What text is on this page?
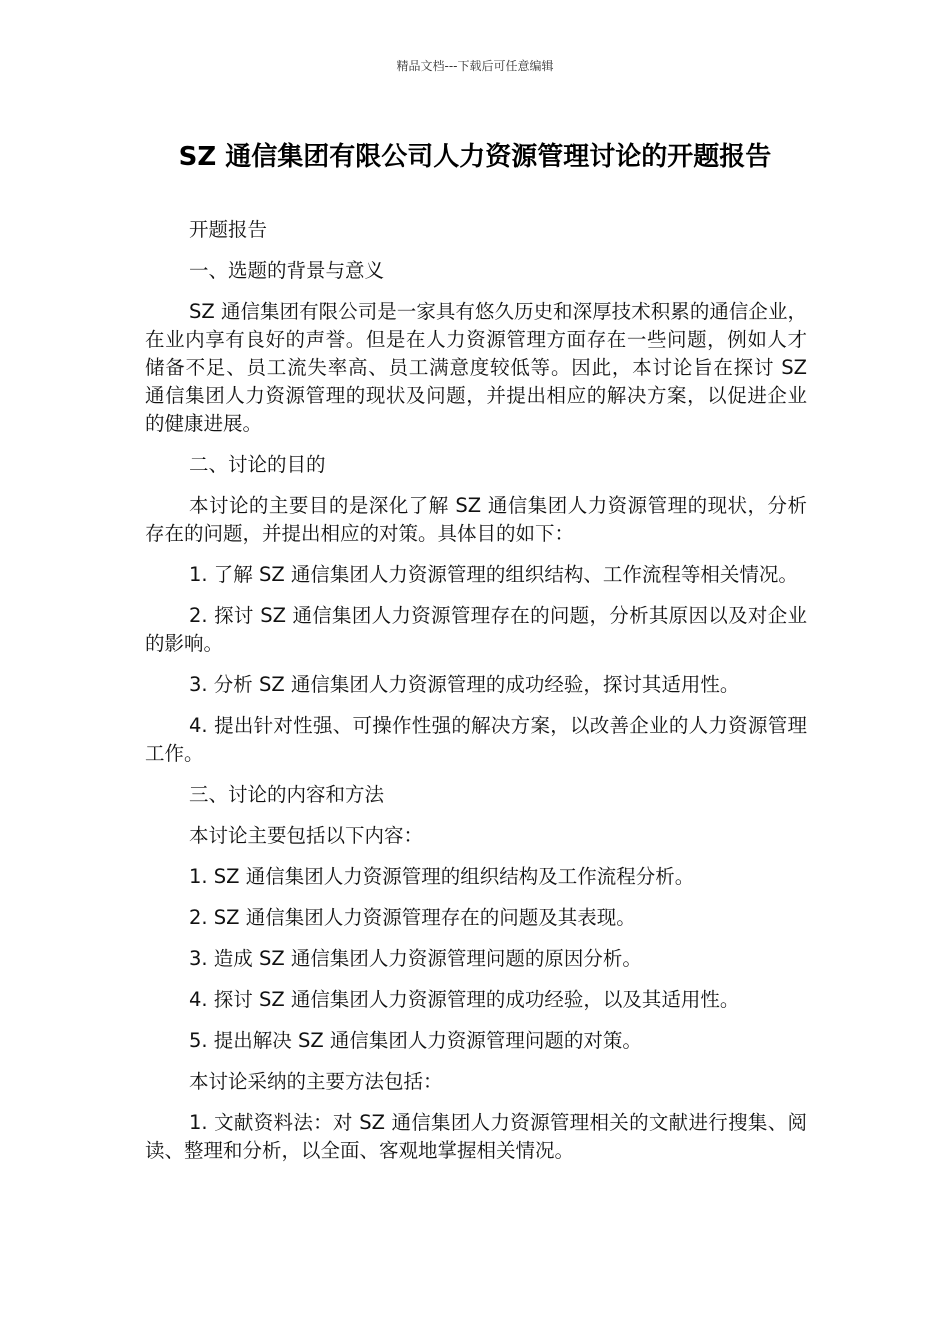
精品文档---下载后可任意编辑
SZ 通信集团有限公司人力资源管理讨论的开题报告

开题报告

一、选题的背景与意义

SZ 通信集团有限公司是一家具有悠久历史和深厚技术积累的通信企业，在业内享有良好的声誉。但是在人力资源管理方面存在一些问题，例如人才储备不足、员工流失率高、员工满意度较低等。因此，本讨论旨在探讨 SZ 通信集团人力资源管理的现状及问题，并提出相应的解决方案，以促进企业的健康进展。

二、讨论的目的

本讨论的主要目的是深化了解 SZ 通信集团人力资源管理的现状，分析存在的问题，并提出相应的对策。具体目的如下：

1. 了解 SZ 通信集团人力资源管理的组织结构、工作流程等相关情况。

2. 探讨 SZ 通信集团人力资源管理存在的问题，分析其原因以及对企业的影响。

3. 分析 SZ 通信集团人力资源管理的成功经验，探讨其适用性。

4. 提出针对性强、可操作性强的解决方案，以改善企业的人力资源管理工作。

三、讨论的内容和方法

本讨论主要包括以下内容：

1. SZ 通信集团人力资源管理的组织结构及工作流程分析。

2. SZ 通信集团人力资源管理存在的问题及其表现。

3. 造成 SZ 通信集团人力资源管理问题的原因分析。

4. 探讨 SZ 通信集团人力资源管理的成功经验，以及其适用性。

5. 提出解决 SZ 通信集团人力资源管理问题的对策。

本讨论采纳的主要方法包括：

1. 文献资料法：对 SZ 通信集团人力资源管理相关的文献进行搜集、阅读、整理和分析，以全面、客观地掌握相关情况。
